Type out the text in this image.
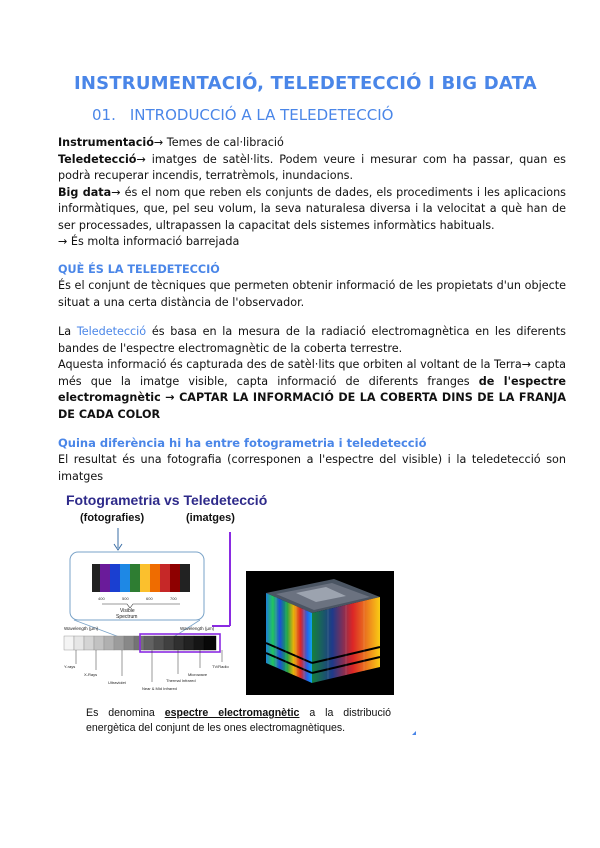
INSTRUMENTACIÓ, TELEDETECCIÓ I BIG DATA
01. INTRODUCCIÓ A LA TELEDETECCIÓ
Instrumentació→ Temes de cal·libració
Teledetecció→ imatges de satèl·lits. Podem veure i mesurar com ha passar, quan es podrà recuperar incendis, terratrèmols, inundacions.
Big data→ és el nom que reben els conjunts de dades, els procediments i les aplicacions informàtiques, que, pel seu volum, la seva naturalesa diversa i la velocitat a què han de ser processades, ultrapassen la capacitat dels sistemes informàtics habituals.
→ És molta informació barrejada
QUÈ ÉS LA TELEDETECCIÓ
És el conjunt de tècniques que permeten obtenir informació de les propietats d'un objecte situat a una certa distància de l'observador.
La Teledetecció és basa en la mesura de la radiació electromagnètica en les diferents bandes de l'espectre electromagnètic de la coberta terrestre.
Aquesta informació és capturada des de satèl·lits que orbiten al voltant de la Terra→ capta més que la imatge visible, capta informació de diferents franges de l'espectre electromagnètic → CAPTAR LA INFORMACIÓ DE LA COBERTA DINS DE LA FRANJA DE CADA COLOR
Quina diferència hi ha entre fotogrametria i teledetecció
El resultat és una fotografia (corresponen a l'espectre del visible) i la teledetecció son imatges
Fotogrametria vs Teledetecció
(fotografies)	(imatges)
400	500	600	700
Visible
Spectrum
Wavelength (µm)	Wavelength (µm)
Y-rays
X-Rays
Ultraviolet
Near & Mid Infrared
Thermal Infrared
Microwave
TV/Radio
Es denomina espectre electromagnètic a la distribució energètica del conjunt de les ones electromagnètiques.
